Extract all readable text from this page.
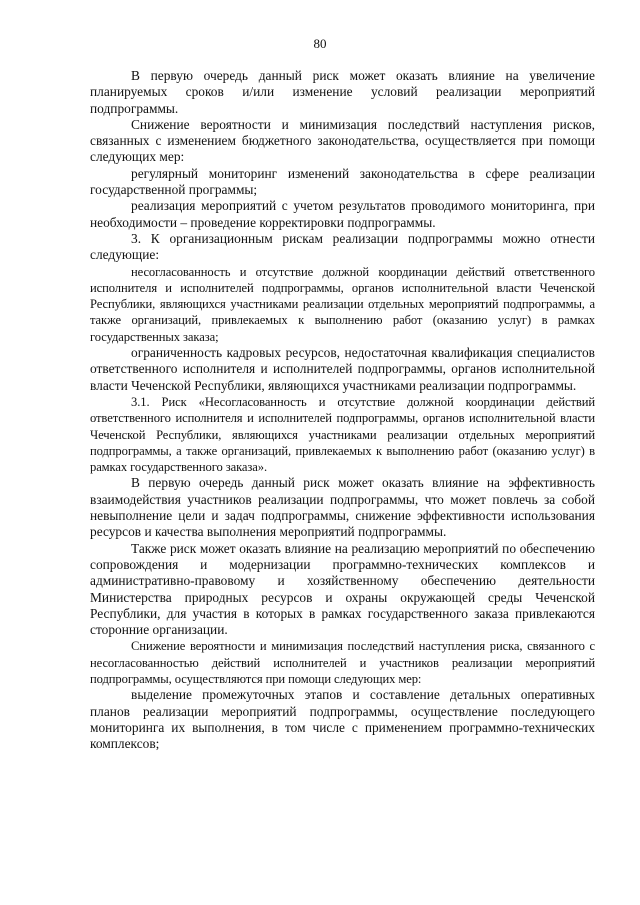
80

В первую очередь данный риск может оказать влияние на увеличение планируемых сроков и/или изменение условий реализации мероприятий подпрограммы.

Снижение вероятности и минимизация последствий наступления рисков, связанных с изменением бюджетного законодательства, осуществляется при помощи следующих мер:

регулярный мониторинг изменений законодательства в сфере реализации государственной программы;

реализация мероприятий с учетом результатов проводимого мониторинга, при необходимости – проведение корректировки подпрограммы.

3. К организационным рискам реализации подпрограммы можно отнести следующие:

несогласованность и отсутствие должной координации действий ответственного исполнителя и исполнителей подпрограммы, органов исполнительной власти Чеченской Республики, являющихся участниками реализации отдельных мероприятий подпрограммы, а также организаций, привлекаемых к выполнению работ (оказанию услуг) в рамках государственных заказа;

ограниченность кадровых ресурсов, недостаточная квалификация специалистов ответственного исполнителя и исполнителей подпрограммы, органов исполнительной власти Чеченской Республики, являющихся участниками реализации подпрограммы.

3.1. Риск «Несогласованность и отсутствие должной координации действий ответственного исполнителя и исполнителей подпрограммы, органов исполнительной власти Чеченской Республики, являющихся участниками реализации отдельных мероприятий подпрограммы, а также организаций, привлекаемых к выполнению работ (оказанию услуг) в рамках государственного заказа».

В первую очередь данный риск может оказать влияние на эффективность взаимодействия участников реализации подпрограммы, что может повлечь за собой невыполнение цели и задач подпрограммы, снижение эффективности использования ресурсов и качества выполнения мероприятий подпрограммы.

Также риск может оказать влияние на реализацию мероприятий по обеспечению сопровождения и модернизации программно-технических комплексов и административно-правовому и хозяйственному обеспечению деятельности Министерства природных ресурсов и охраны окружающей среды Чеченской Республики, для участия в которых в рамках государственного заказа привлекаются сторонние организации.

Снижение вероятности и минимизация последствий наступления риска, связанного с несогласованностью действий исполнителей и участников реализации мероприятий подпрограммы, осуществляются при помощи следующих мер:

выделение промежуточных этапов и составление детальных оперативных планов реализации мероприятий подпрограммы, осуществление последующего мониторинга их выполнения, в том числе с применением программно-технических комплексов;
